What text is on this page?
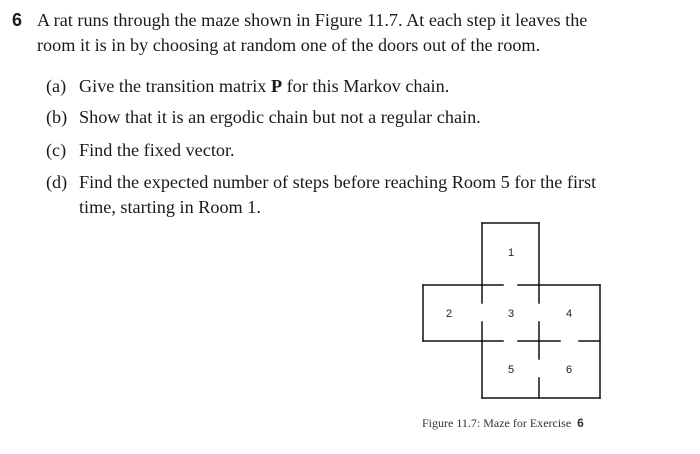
6 A rat runs through the maze shown in Figure 11.7. At each step it leaves the
room it is in by choosing at random one of the doors out of the room.
(a) Give the transition matrix P for this Markov chain.
(b) Show that it is an ergodic chain but not a regular chain.
(c) Find the fixed vector.
(d) Find the expected number of steps before reaching Room 5 for the first
time, starting in Room 1.
1
2	3	4
5	6
Figure 11.7: Maze for Exercise 6
